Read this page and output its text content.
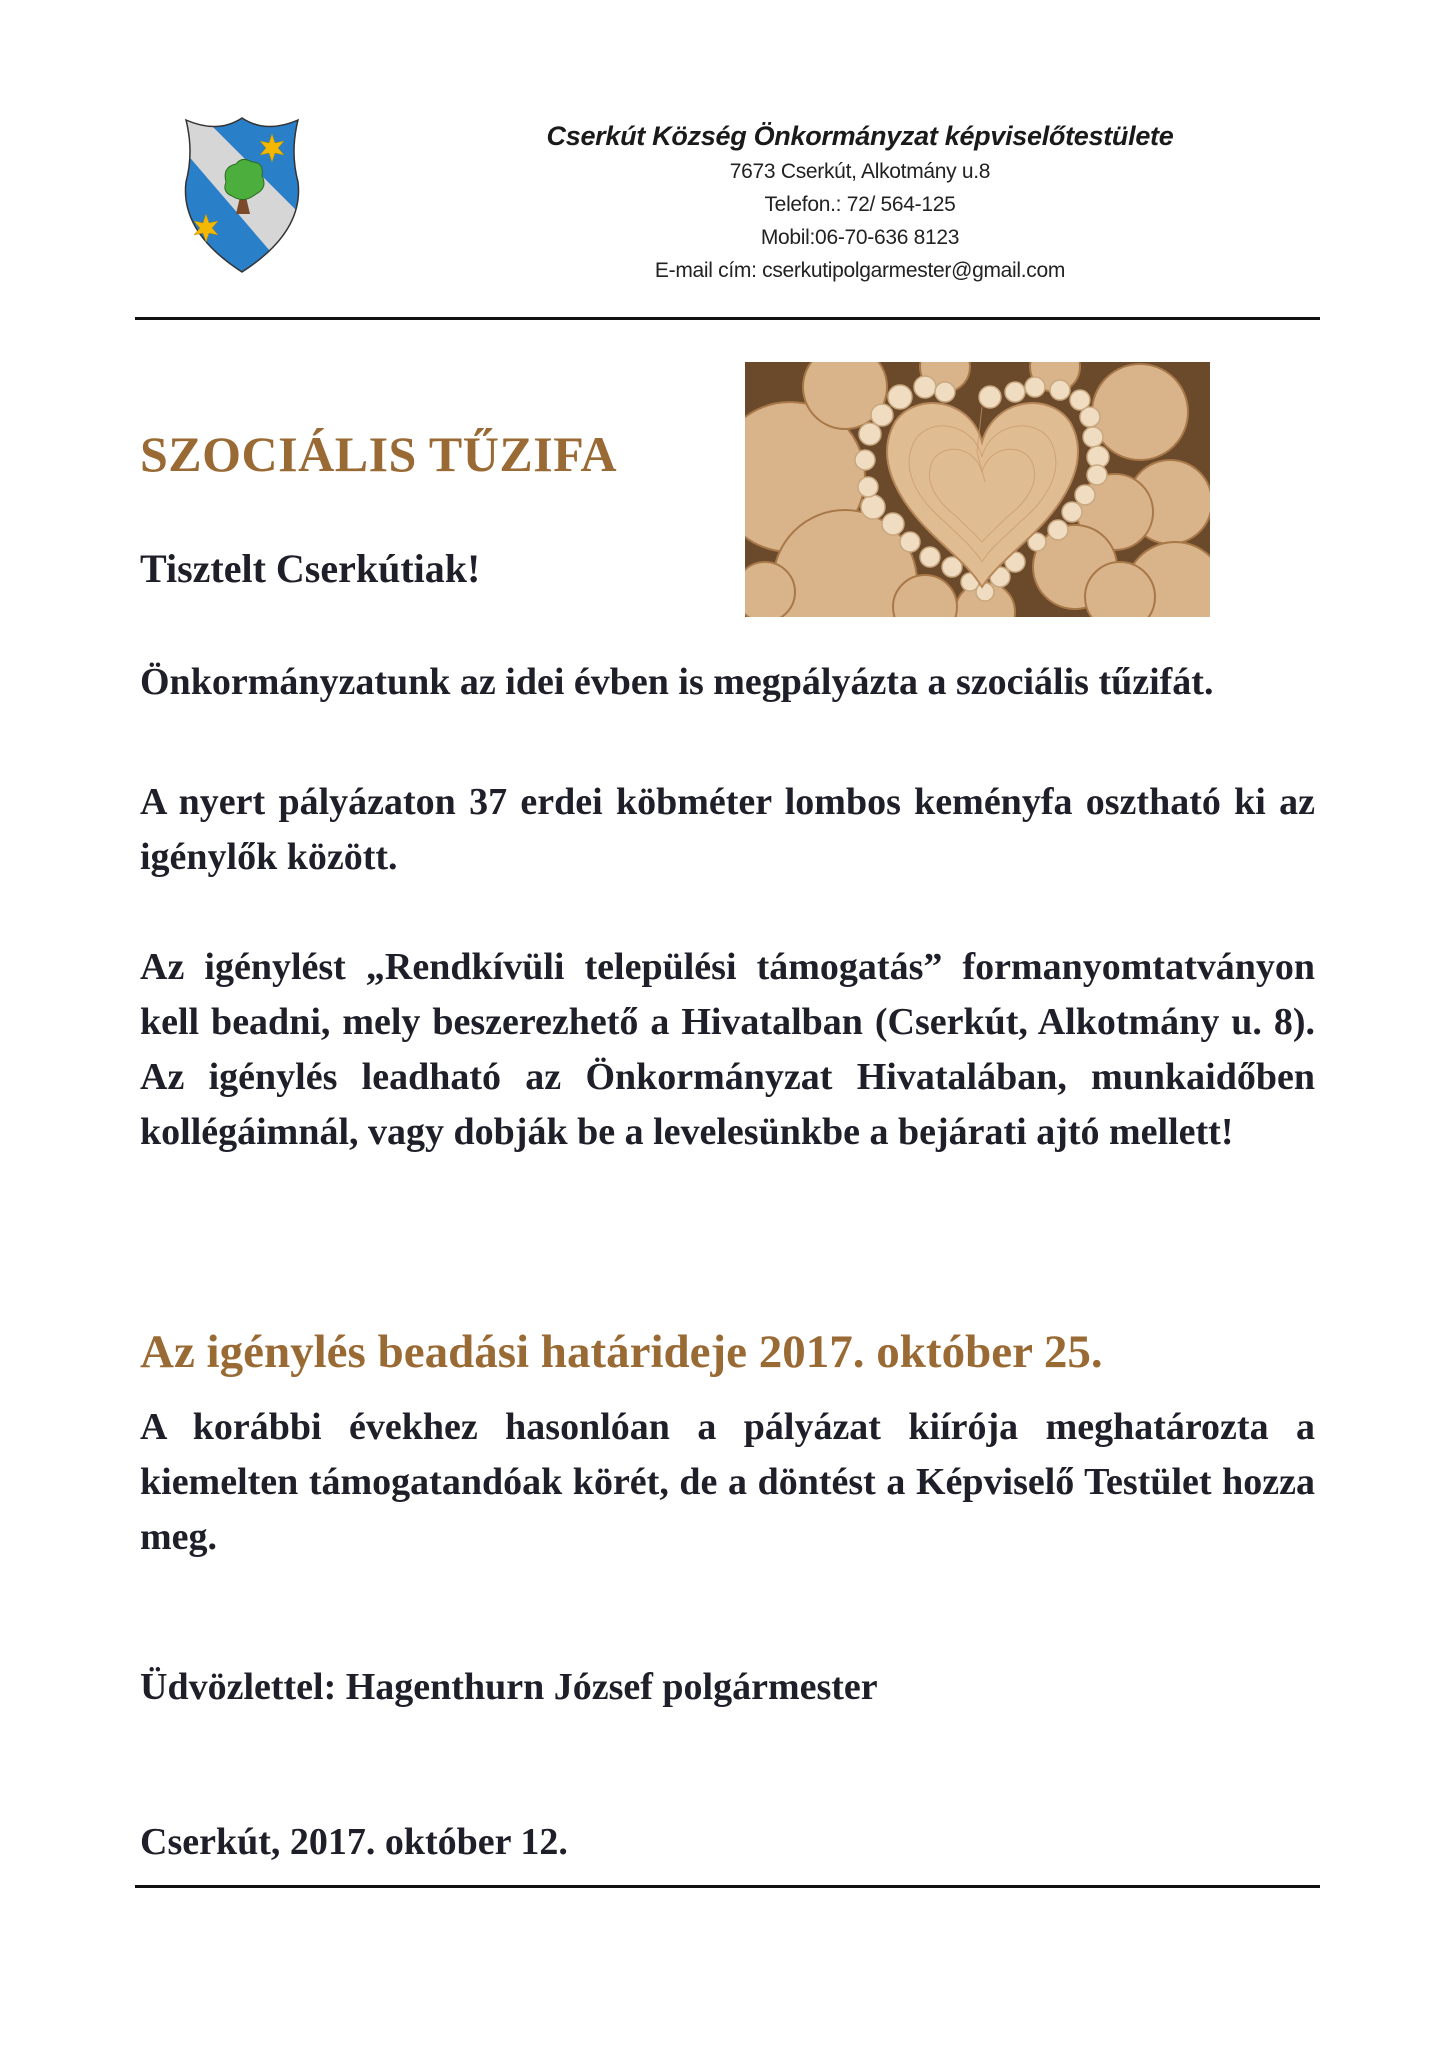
Cserkút Község Önkormányzat képviselőtestülete

7673 Cserkút, Alkotmány u.8

Telefon.: 72/ 564-125

Mobil:06-70-636 8123

E-mail cím: cserkutipolgarmester@gmail.com

SZOCIÁLIS TŰZIFA

Tisztelt Cserkútiak!

Önkormányzatunk az idei évben is megpályázta a szociális tűzifát.

A nyert pályázaton 37 erdei köbméter lombos keményfa osztható ki az igénylők között.

Az igénylést „Rendkívüli települési támogatás” formanyomtatványon kell beadni, mely beszerezhető a Hivatalban (Cserkút, Alkotmány u. 8). Az igénylés leadható az Önkormányzat Hivatalában, munkaidőben kollégáimnál, vagy dobják be a levelesünkbe a bejárati ajtó mellett!

Az igénylés beadási határideje 2017. október 25.

A korábbi évekhez hasonlóan a pályázat kiírója meghatározta a kiemelten támogatandóak körét, de a döntést a Képviselő Testület hozza meg.

Üdvözlettel: Hagenthurn József polgármester

Cserkút, 2017. október 12.
